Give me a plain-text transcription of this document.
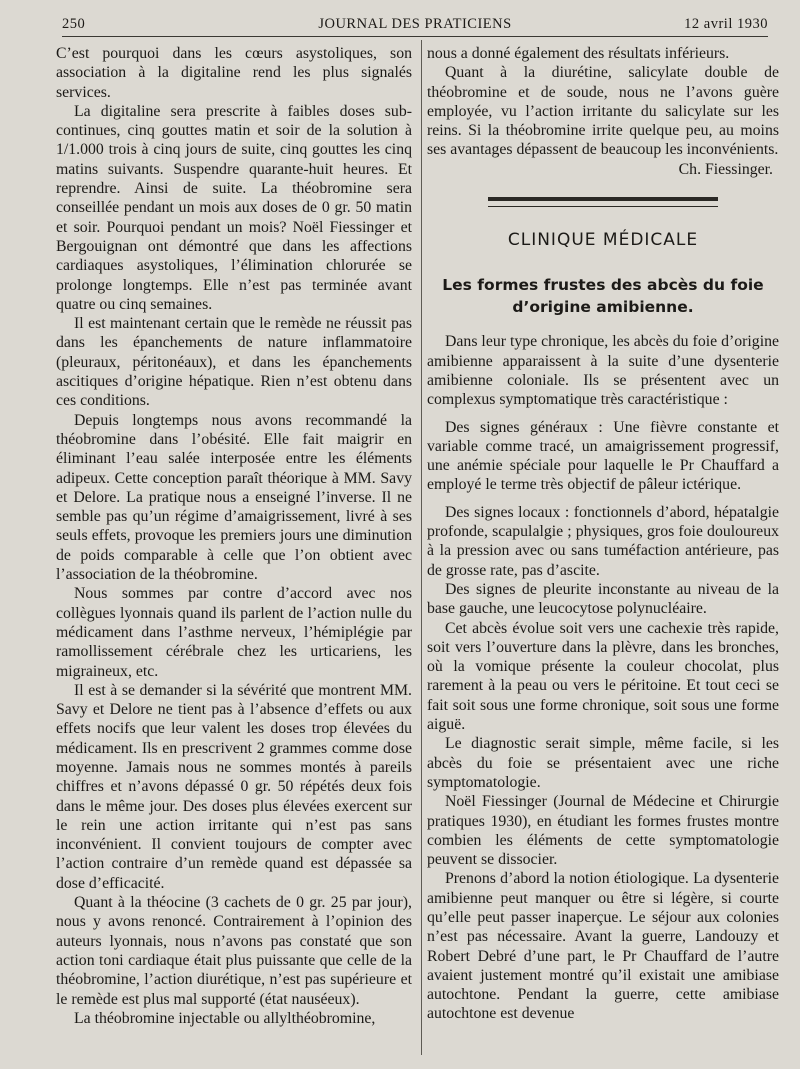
250	JOURNAL DES PRATICIENS	12 avril 1930

C’est pourquoi dans les cœurs asystoliques, son association à la digitaline rend les plus signalés services.

La digitaline sera prescrite à faibles doses sub-continues, cinq gouttes matin et soir de la solution à 1/1.000 trois à cinq jours de suite, cinq gouttes les cinq matins suivants. Suspendre quarante-huit heures. Et reprendre. Ainsi de suite. La théobromine sera conseillée pendant un mois aux doses de 0 gr. 50 matin et soir. Pourquoi pendant un mois? Noël Fiessinger et Bergouignan ont démontré que dans les affections cardiaques asystoliques, l’élimination chlorurée se prolonge longtemps. Elle n’est pas terminée avant quatre ou cinq semaines.

Il est maintenant certain que le remède ne réussit pas dans les épanchements de nature inflammatoire (pleuraux, péritonéaux), et dans les épanchements ascitiques d’origine hépatique. Rien n’est obtenu dans ces conditions.

Depuis longtemps nous avons recommandé la théobromine dans l’obésité. Elle fait maigrir en éliminant l’eau salée interposée entre les éléments adipeux. Cette conception paraît théorique à MM. Savy et Delore. La pratique nous a enseigné l’inverse. Il ne semble pas qu’un régime d’amaigrissement, livré à ses seuls effets, provoque les premiers jours une diminution de poids comparable à celle que l’on obtient avec l’association de la théobromine.

Nous sommes par contre d’accord avec nos collègues lyonnais quand ils parlent de l’action nulle du médicament dans l’asthme nerveux, l’hémiplégie par ramollissement cérébrale chez les urticariens, les migraineux, etc.

Il est à se demander si la sévérité que montrent MM. Savy et Delore ne tient pas à l’absence d’effets ou aux effets nocifs que leur valent les doses trop élevées du médicament. Ils en prescrivent 2 grammes comme dose moyenne. Jamais nous ne sommes montés à pareils chiffres et n’avons dépassé 0 gr. 50 répétés deux fois dans le même jour. Des doses plus élevées exercent sur le rein une action irritante qui n’est pas sans inconvénient. Il convient toujours de compter avec l’action contraire d’un remède quand est dépassée sa dose d’efficacité.

Quant à la théocine (3 cachets de 0 gr. 25 par jour), nous y avons renoncé. Contrairement à l’opinion des auteurs lyonnais, nous n’avons pas constaté que son action toni cardiaque était plus puissante que celle de la théobromine, l’action diurétique, n’est pas supérieure et le remède est plus mal supporté (état nauséeux).

La théobromine injectable ou allylthéobromine,

nous a donné également des résultats inférieurs.

Quant à la diurétine, salicylate double de théobromine et de soude, nous ne l’avons guère employée, vu l’action irritante du salicylate sur les reins. Si la théobromine irrite quelque peu, au moins ses avantages dépassent de beaucoup les inconvénients.

Ch. Fiessinger.

CLINIQUE MÉDICALE
Les formes frustes des abcès du foie d’origine amibienne.

Dans leur type chronique, les abcès du foie d’origine amibienne apparaissent à la suite d’une dysenterie amibienne coloniale. Ils se présentent avec un complexus symptomatique très caractéristique :

Des signes généraux : Une fièvre constante et variable comme tracé, un amaigrissement progressif, une anémie spéciale pour laquelle le Pr Chauffard a employé le terme très objectif de pâleur ictérique.

Des signes locaux : fonctionnels d’abord, hépatalgie profonde, scapulalgie ; physiques, gros foie douloureux à la pression avec ou sans tuméfaction antérieure, pas de grosse rate, pas d’ascite.

Des signes de pleurite inconstante au niveau de la base gauche, une leucocytose polynucléaire.

Cet abcès évolue soit vers une cachexie très rapide, soit vers l’ouverture dans la plèvre, dans les bronches, où la vomique présente la couleur chocolat, plus rarement à la peau ou vers le péritoine. Et tout ceci se fait soit sous une forme chronique, soit sous une forme aiguë.

Le diagnostic serait simple, même facile, si les abcès du foie se présentaient avec une riche symptomatologie.

Noël Fiessinger (Journal de Médecine et Chirurgie pratiques 1930), en étudiant les formes frustes montre combien les éléments de cette symptomatologie peuvent se dissocier.

Prenons d’abord la notion étiologique. La dysenterie amibienne peut manquer ou être si légère, si courte qu’elle peut passer inaperçue. Le séjour aux colonies n’est pas nécessaire. Avant la guerre, Landouzy et Robert Debré d’une part, le Pr Chauffard de l’autre avaient justement montré qu’il existait une amibiase autochtone. Pendant la guerre, cette amibiase autochtone est devenue
